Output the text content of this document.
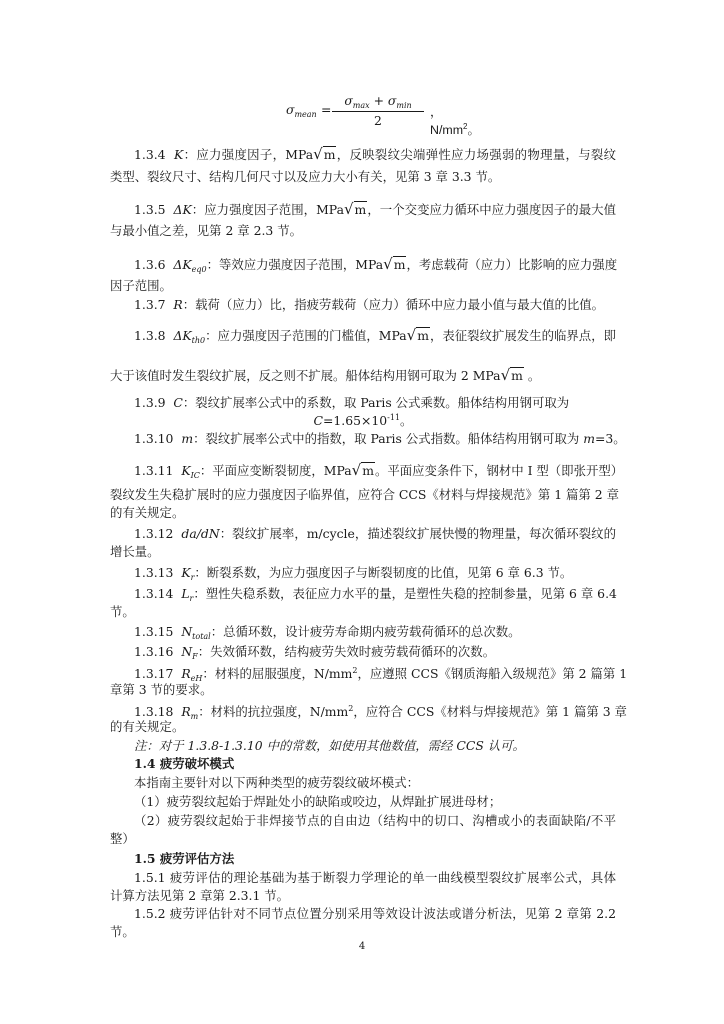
$\sigma_{mean}$ =
$\sigma_{max} + \sigma_{min}$
2
， $N/mm^2$。
1.3.4 K：应力强度因子，MPa√m，反映裂纹尖端弹性应力场强弱的物理量，与裂纹
类型、裂纹尺寸、结构几何尺寸以及应力大小有关，见第 3 章 3.3 节。
1.3.5 ΔK：应力强度因子范围，MPa√m，一个交变应力循环中应力强度因子的最大值
与最小值之差，见第 2 章 2.3 节。
1.3.6 $\Delta K_{eq0}$：等效应力强度因子范围，MPa√m，考虑载荷（应力）比影响的应力强度
因子范围。
1.3.7 R：载荷（应力）比，指疲劳载荷（应力）循环中应力最小值与最大值的比值。
1.3.8 $\Delta K_{th0}$：应力强度因子范围的门槛值，MPa√m，表征裂纹扩展发生的临界点，即
大于该值时发生裂纹扩展，反之则不扩展。船体结构用钢可取为 2 MPa√m 。
1.3.9 C：裂纹扩展率公式中的系数，取 Paris 公式乘数。船体结构用钢可取为
$C=1.65\times 10^{-11}$。
1.3.10 m：裂纹扩展率公式中的指数，取 Paris 公式指数。船体结构用钢可取为 m=3。
1.3.11 $K_{IC}$：平面应变断裂韧度，MPa√m。平面应变条件下，钢材中 I 型（即张开型）
裂纹发生失稳扩展时的应力强度因子临界值，应符合 CCS《材料与焊接规范》第 1 篇第 2 章
的有关规定。
1.3.12 da/dN：裂纹扩展率，m/cycle，描述裂纹扩展快慢的物理量，每次循环裂纹的
增长量。
1.3.13 $K_r$：断裂系数，为应力强度因子与断裂韧度的比值，见第 6 章 6.3 节。
1.3.14 $L_r$：塑性失稳系数，表征应力水平的量，是塑性失稳的控制参量，见第 6 章 6.4
节。
1.3.15 $N_{total}$：总循环数，设计疲劳寿命期内疲劳载荷循环的总次数。
1.3.16 $N_F$：失效循环数，结构疲劳失效时疲劳载荷循环的次数。
1.3.17 $R_{eH}$：材料的屈服强度，$N/mm^2$，应遵照 CCS《钢质海船入级规范》第 2 篇第 1
章第 3 节的要求。
1.3.18 $R_m$：材料的抗拉强度，$N/mm^2$，应符合 CCS《材料与焊接规范》第 1 篇第 3 章
的有关规定。
注：对于 1.3.8-1.3.10 中的常数，如使用其他数值，需经 CCS 认可。
1.4 疲劳破坏模式
本指南主要针对以下两种类型的疲劳裂纹破坏模式：
（1）疲劳裂纹起始于焊趾处小的缺陷或咬边，从焊趾扩展进母材；
（2）疲劳裂纹起始于非焊接节点的自由边（结构中的切口、沟槽或小的表面缺陷/不平
整）
1.5 疲劳评估方法
1.5.1 疲劳评估的理论基础为基于断裂力学理论的单一曲线模型裂纹扩展率公式，具体
计算方法见第 2 章第 2.3.1 节。
1.5.2 疲劳评估针对不同节点位置分别采用等效设计波法或谱分析法，见第 2 章第 2.2
节。
4
